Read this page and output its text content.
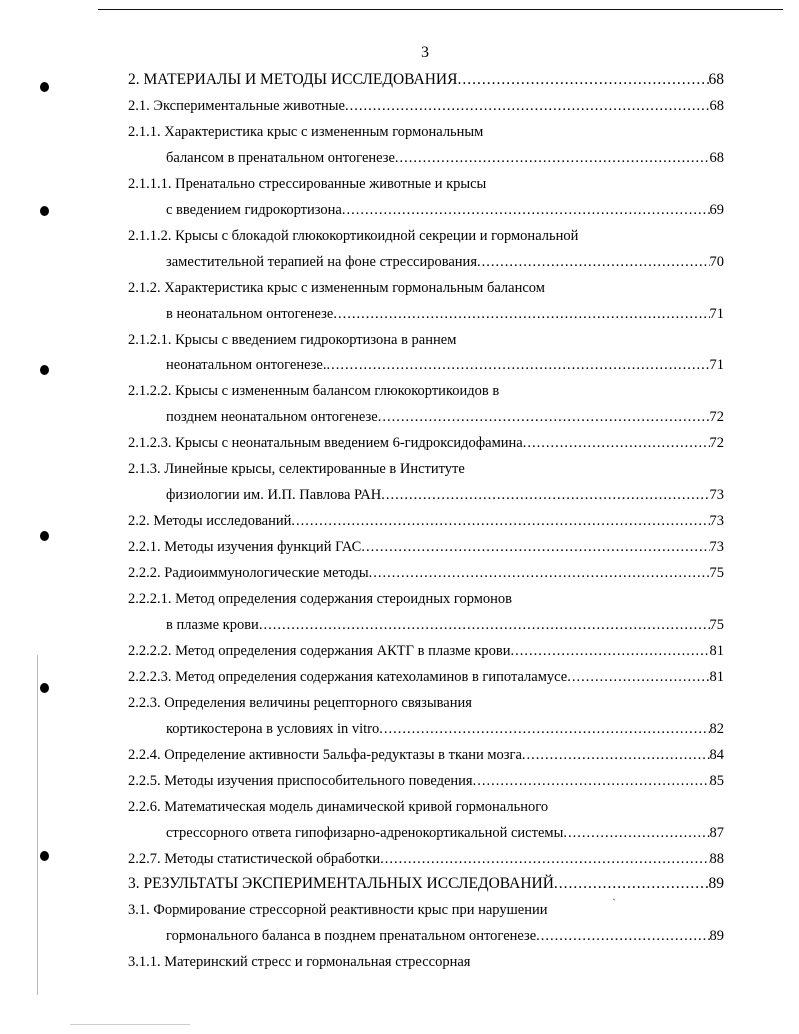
3
`
2. МАТЕРИАЛЫ И МЕТОДЫ ИССЛЕДОВАНИЯ .....	68
2.1. Экспериментальные животные .....	68
2.1.1. Характеристика крыс с измененным гормональным
балансом в пренатальном онтогенезе .....	68
2.1.1.1. Пренатально стрессированные животные и крысы
с введением гидрокортизона .....	69
2.1.1.2. Крысы с блокадой глюкокортикоидной секреции и гормональной
заместительной терапией на фоне стрессирования .....	70
2.1.2. Характеристика крыс с измененным гормональным балансом
в неонатальном онтогенезе .....	71
2.1.2.1. Крысы с введением гидрокортизона в раннем
неонатальном онтогенезе. .....	71
2.1.2.2. Крысы с измененным балансом глюкокортикоидов в
позднем неонатальном онтогенезе .....	72
2.1.2.3. Крысы с неонатальным введением 6-гидроксидофамина .....	72
2.1.3. Линейные крысы, селектированные в Институте
физиологии им. И.П. Павлова РАН .....	73
2.2. Методы исследований .....	73
2.2.1. Методы изучения функций ГАС .....	73
2.2.2. Радиоиммунологические методы .....	75
2.2.2.1. Метод определения содержания стероидных гормонов
в плазме крови .....	75
2.2.2.2. Метод определения содержания АКТГ в плазме крови .....	81
2.2.2.3. Метод определения содержания катехоламинов в гипоталамусе .....	81
2.2.3. Определения величины рецепторного связывания
кортикостерона в условиях in vitro .....	82
2.2.4. Определение активности 5альфа-редуктазы в ткани мозга .....	84
2.2.5. Методы изучения приспособительного поведения .....	85
2.2.6. Математическая модель динамической кривой гормонального
стрессорного ответа гипофизарно-адренокортикальной системы .....	87
2.2.7. Методы статистической обработки .....	88
3. РЕЗУЛЬТАТЫ ЭКСПЕРИМЕНТАЛЬНЫХ ИССЛЕДОВАНИЙ .....	89
3.1. Формирование стрессорной реактивности крыс при нарушении
гормонального баланса в позднем пренатальном онтогенезе .....	89
3.1.1. Материнский стресс и гормональная стрессорная
